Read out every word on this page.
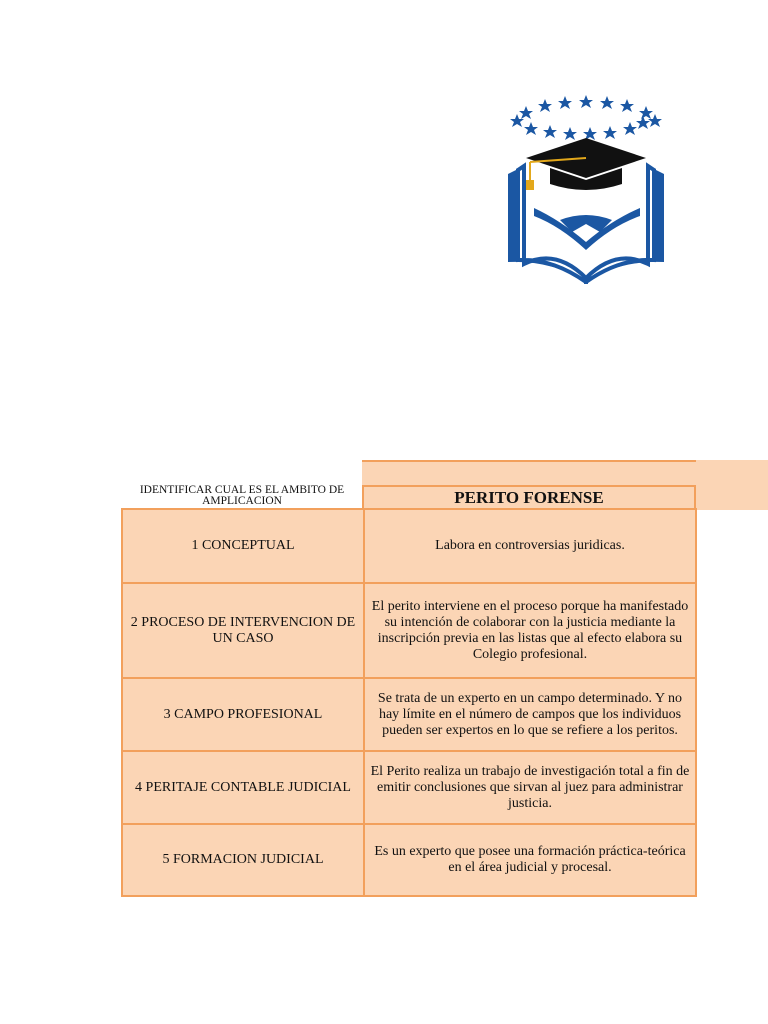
IDENTIFICAR CUAL ES EL AMBITO DE AMPLICACION	PERITO FORENSE
1 CONCEPTUAL	Labora en controversias juridicas.
2 PROCESO DE INTERVENCION DE UN CASO	El perito interviene en el proceso porque ha manifestado su intención de colaborar con la justicia mediante la inscripción previa en las listas que al efecto elabora su Colegio profesional.
3 CAMPO PROFESIONAL	Se trata de un experto en un campo determinado. Y no hay límite en el número de campos que los individuos pueden ser expertos en lo que se refiere a los peritos.
4 PERITAJE CONTABLE JUDICIAL	El Perito realiza un trabajo de investigación total a fin de emitir conclusiones que sirvan al juez para administrar justicia.
5 FORMACION JUDICIAL	Es un experto que posee una formación práctica-teórica en el área judicial y procesal.
